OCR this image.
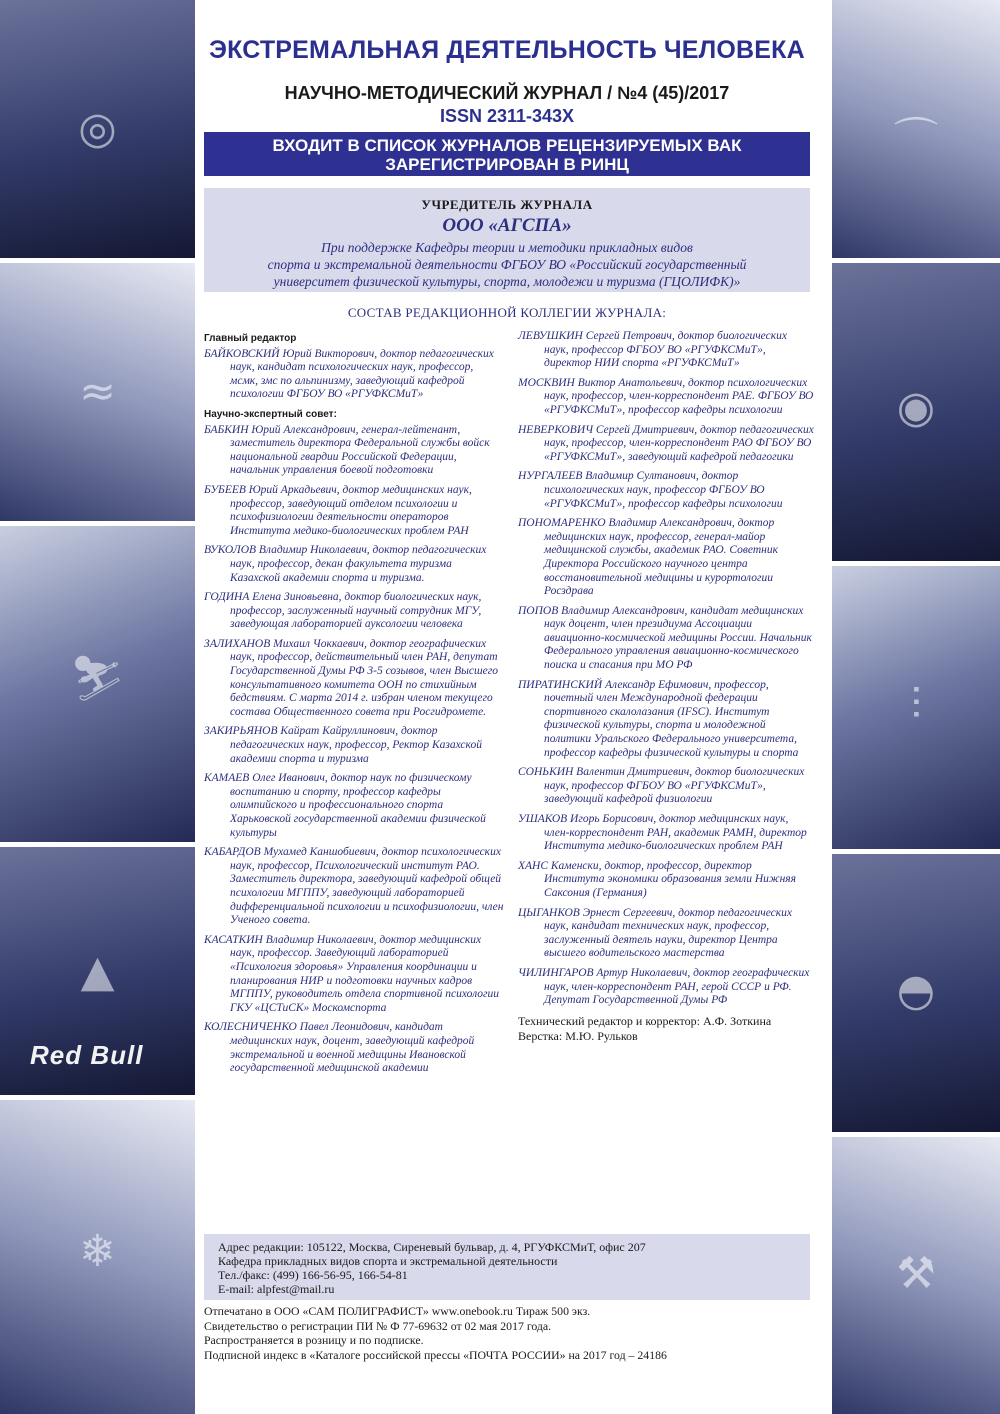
◎
≈
⛷
▲
Red Bull
❄
⌒
◉
⫶
◓
⚒
ЭКСТРЕМАЛЬНАЯ ДЕЯТЕЛЬНОСТЬ ЧЕЛОВЕКА
НАУЧНО-МЕТОДИЧЕСКИЙ ЖУРНАЛ / №4 (45)/2017
ISSN 2311-343X
ВХОДИТ В СПИСОК ЖУРНАЛОВ РЕЦЕНЗИРУЕМЫХ ВАК
ЗАРЕГИСТРИРОВАН В РИНЦ
УЧРЕДИТЕЛЬ ЖУРНАЛА
ООО «АГСПА»
При поддержке Кафедры теории и методики прикладных видов
спорта и экстремальной деятельности ФГБОУ ВО «Российский государственный
университет физической культуры, спорта, молодежи и туризма (ГЦОЛИФК)»
СОСТАВ РЕДАКЦИОННОЙ КОЛЛЕГИИ ЖУРНАЛА:
Главный редактор
БАЙКОВСКИЙ Юрий Викторович, доктор педагогических наук, кандидат психологических наук, профессор, мсмк, змс по альпинизму, заведующий кафедрой психологии ФГБОУ ВО «РГУФКСМиТ»
Научно-экспертный совет:
БАБКИН Юрий Александрович, генерал-лейтенант, заместитель директора Федеральной службы войск национальной гвардии Российской Федерации, начальник управления боевой подготовки
БУБЕЕВ Юрий Аркадьевич, доктор медицинских наук, профессор, заведующий отделом психологии и психофизиологии деятельности операторов Института медико-биологических проблем РАН
ВУКОЛОВ Владимир Николаевич, доктор педагогических наук, профессор, декан факультета туризма Казахской академии спорта и туризма.
ГОДИНА Елена Зиновьевна, доктор биологических наук, профессор, заслуженный научный сотрудник МГУ, заведующая лабораторией ауксологии человека
ЗАЛИХАНОВ Михаил Чоккаевич, доктор географических наук, профессор, действительный член РАН, депутат Государственной Думы РФ 3-5 созывов, член Высшего консультативного комитета ООН по стихийным бедствиям. С марта 2014 г. избран членом текущего состава Общественного совета при Росгидромете.
ЗАКИРЬЯНОВ Кайрат Кайруллинович, доктор педагогических наук, профессор, Ректор Казахской академии спорта и туризма
КАМАЕВ Олег Иванович, доктор наук по физическому воспитанию и спорту, профессор кафедры олимпийского и профессионального спорта Харьковской государственной академии физической культуры
КАБАРДОВ Мухамед Каншобиевич, доктор психологических наук, профессор, Психологический институт РАО. Заместитель директора, заведующий кафедрой общей психологии МГППУ, заведующий лабораторией дифференциальной психологии и психофизиологии, член Ученого совета.
КАСАТКИН Владимир Николаевич, доктор медицинских наук, профессор. Заведующий лабораторией «Психология здоровья» Управления координации и планирования НИР и подготовки научных кадров МГППУ, руководитель отдела спортивной психологии ГКУ «ЦСТиСК» Москомспорта
КОЛЕСНИЧЕНКО Павел Леонидович, кандидат медицинских наук, доцент, заведующий кафедрой экстремальной и военной медицины Ивановской государственной медицинской академии
ЛЕВУШКИН Сергей Петрович, доктор биологических наук, профессор ФГБОУ ВО «РГУФКСМиТ», директор НИИ спорта «РГУФКСМиТ»
МОСКВИН Виктор Анатольевич, доктор психологических наук, профессор, член-корреспондент РАЕ. ФГБОУ ВО «РГУФКСМиТ», профессор кафедры психологии
НЕВЕРКОВИЧ Сергей Дмитриевич, доктор педагогических наук, профессор, член-корреспондент РАО ФГБОУ ВО «РГУФКСМиТ», заведующий кафедрой педагогики
НУРГАЛЕЕВ Владимир Султанович, доктор психологических наук, профессор ФГБОУ ВО «РГУФКСМиТ», профессор кафедры психологии
ПОНОМАРЕНКО Владимир Александрович, доктор медицинских наук, профессор, генерал-майор медицинской службы, академик РАО. Советник Директора Российского научного центра восстановительной медицины и курортологии Росздрава
ПОПОВ Владимир Александрович, кандидат медицинских наук доцент, член президиума Ассоциации авиационно-космической медицины России. Начальник Федерального управления авиационно-космического поиска и спасания при МО РФ
ПИРАТИНСКИЙ Александр Ефимович, профессор, почетный член Международной федерации спортивного скалолазания (IFSC). Институт физической культуры, спорта и молодежной политики Уральского Федерального университета, профессор кафедры физической культуры и спорта
СОНЬКИН Валентин Дмитриевич, доктор биологических наук, профессор ФГБОУ ВО «РГУФКСМиТ», заведующий кафедрой физиологии
УШАКОВ Игорь Борисович, доктор медицинских наук, член-корреспондент РАН, академик РАМН, директор Института медико-биологических проблем РАН
ХАНС Каменски, доктор, профессор, директор Института экономики образования земли Нижняя Саксония (Германия)
ЦЫГАНКОВ Эрнест Сергеевич, доктор педагогических наук, кандидат технических наук, профессор, заслуженный деятель науки, директор Центра высшего водительского мастерства
ЧИЛИНГАРОВ Артур Николаевич, доктор географических наук, член-корреспондент РАН, герой СССР и РФ. Депутат Государственной Думы РФ
Технический редактор и корректор: А.Ф. Зоткина
Верстка: М.Ю. Рульков
Адрес редакции: 105122, Москва, Сиреневый бульвар, д. 4, РГУФКСМиТ, офис 207
Кафедра прикладных видов спорта и экстремальной деятельности
Тел./факс: (499) 166-56-95, 166-54-81
E-mail: alpfest@mail.ru
Отпечатано в ООО «САМ ПОЛИГРАФИСТ» www.onebook.ru Тираж 500 экз.
Свидетельство о регистрации ПИ № Ф 77-69632 от 02 мая 2017 года.
Распространяется в розницу и по подписке.
Подписной индекс в «Каталоге российской прессы «ПОЧТА РОССИИ» на 2017 год – 24186
